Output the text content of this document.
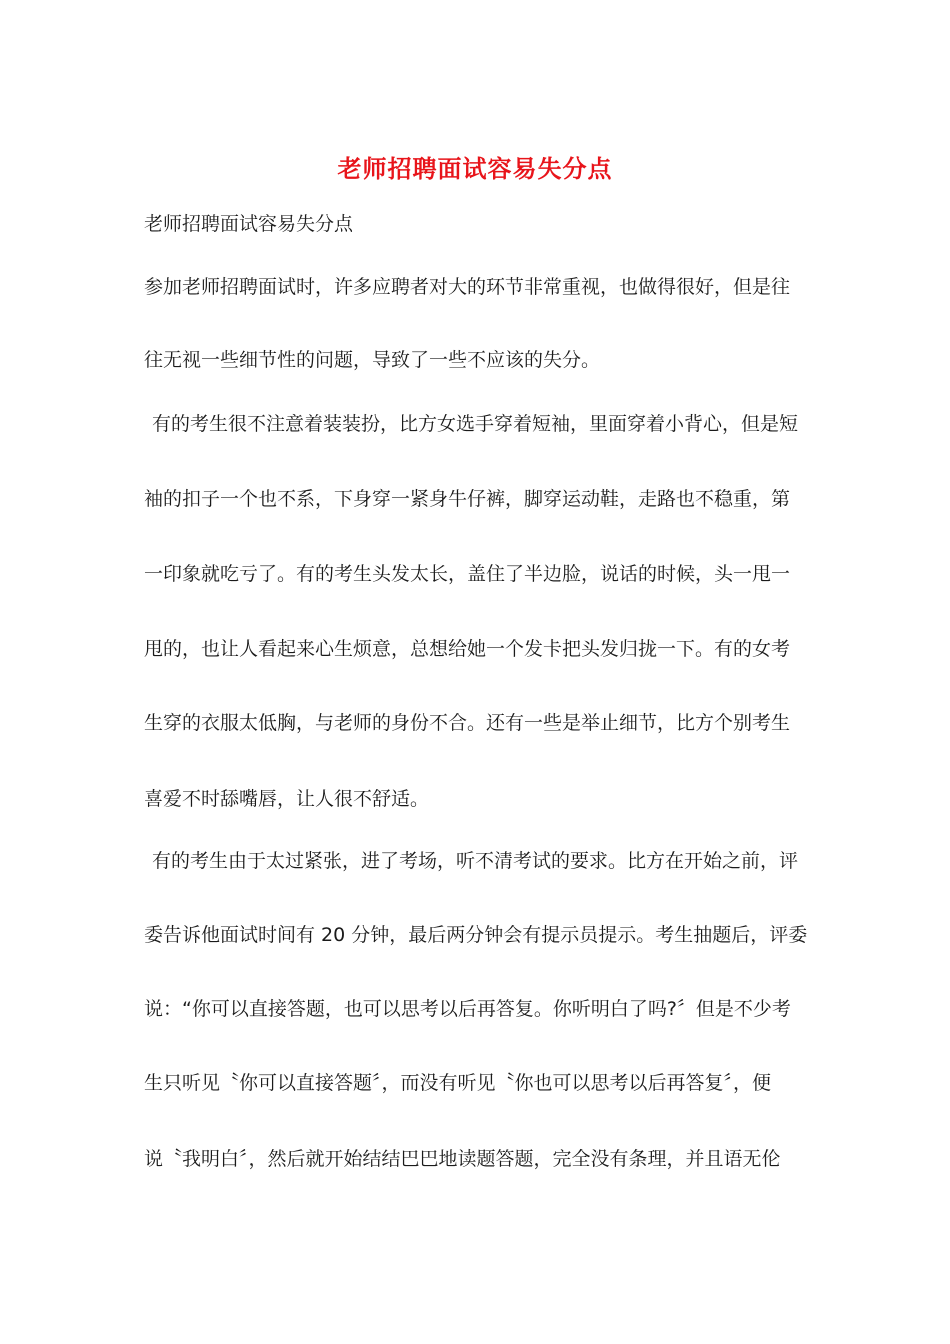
老师招聘面试容易失分点
老师招聘面试容易失分点
参加老师招聘面试时，许多应聘者对大的环节非常重视，也做得很好，但是往
往无视一些细节性的问题，导致了一些不应该的失分。
有的考生很不注意着装装扮，比方女选手穿着短袖，里面穿着小背心，但是短
袖的扣子一个也不系，下身穿一紧身牛仔裤，脚穿运动鞋，走路也不稳重，第
一印象就吃亏了。有的考生头发太长，盖住了半边脸，说话的时候，头一甩一
甩的，也让人看起来心生烦意，总想给她一个发卡把头发归拢一下。有的女考
生穿的衣服太低胸，与老师的身份不合。还有一些是举止细节，比方个别考生
喜爱不时舔嘴唇，让人很不舒适。
有的考生由于太过紧张，进了考场，听不清考试的要求。比方在开始之前，评
委告诉他面试时间有 20 分钟，最后两分钟会有提示员提示。考生抽题后，评委
说：“你可以直接答题，也可以思考以后再答复。你听明白了吗?〞但是不少考
生只听见〝你可以直接答题〞，而没有听见〝你也可以思考以后再答复〞，便
说〝我明白〞，然后就开始结结巴巴地读题答题，完全没有条理，并且语无伦
